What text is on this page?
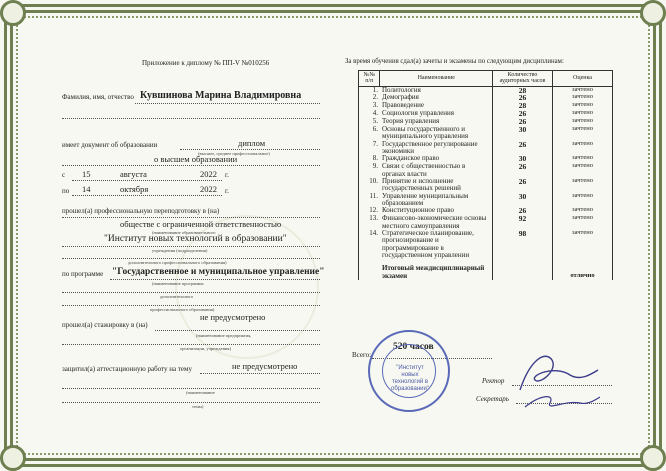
Приложение к диплому № ПП-V №010256
Фамилия, имя, отчество Кувшинова Марина Владимировна
имеет документ об образовании	диплом
(высшее, среднее профессиональное)
о высшем образовании
с 15	августа	2022 г.
по 14	октября	2022 г.
прошел(а) профессиональную переподготовку в (на)
обществе с ограниченной ответственностью
(наименование образовательного
"Институт новых технологий в образовании"
учреждения (подразделения)
дополнительного профессионального образования)
по программе "Государственное и муниципальное управление"
(наименование программы
дополнительного
профессионального образования)
не предусмотрено
прошел(а) стажировку в (на)
(наименование предприятия,
организации, учреждения)
не предусмотрено
защитил(а) аттестационную работу на тему
(наименование
темы)
За время обучения сдал(а) зачеты и экзамены по следующим дисциплинам:
№№ п/п	Наименование	Количество аудиторных часов	Оценка
1.	Политология	28	зачтено
2.	Демография	26	зачтено
3.	Правоведение	28	зачтено
4.	Социология управления	26	зачтено
5.	Теория управления	26	зачтено
6.	Основы государственного и муниципального управления	30	зачтено
7.	Государственное регулирование экономики	26	зачтено
8.	Гражданское право	30	зачтено
9.	Связи с общественностью в органах власти	26	зачтено
10.	Принятие и исполнение государственных решений	26	зачтено
11.	Управление муниципальным образованием	30	зачтено
12.	Конституционное право	26	зачтено
13.	Финансово-экономические основы местного самоуправления	92	зачтено
14.	Стратегическое планирование, прогнозирование и программирование в государственном управлении	98	зачтено
	Итоговый междисциплинарный экзамен		отлично
Всего:
520 часов
Ректор
Секретарь
"Институт новых технологий в образовании"
